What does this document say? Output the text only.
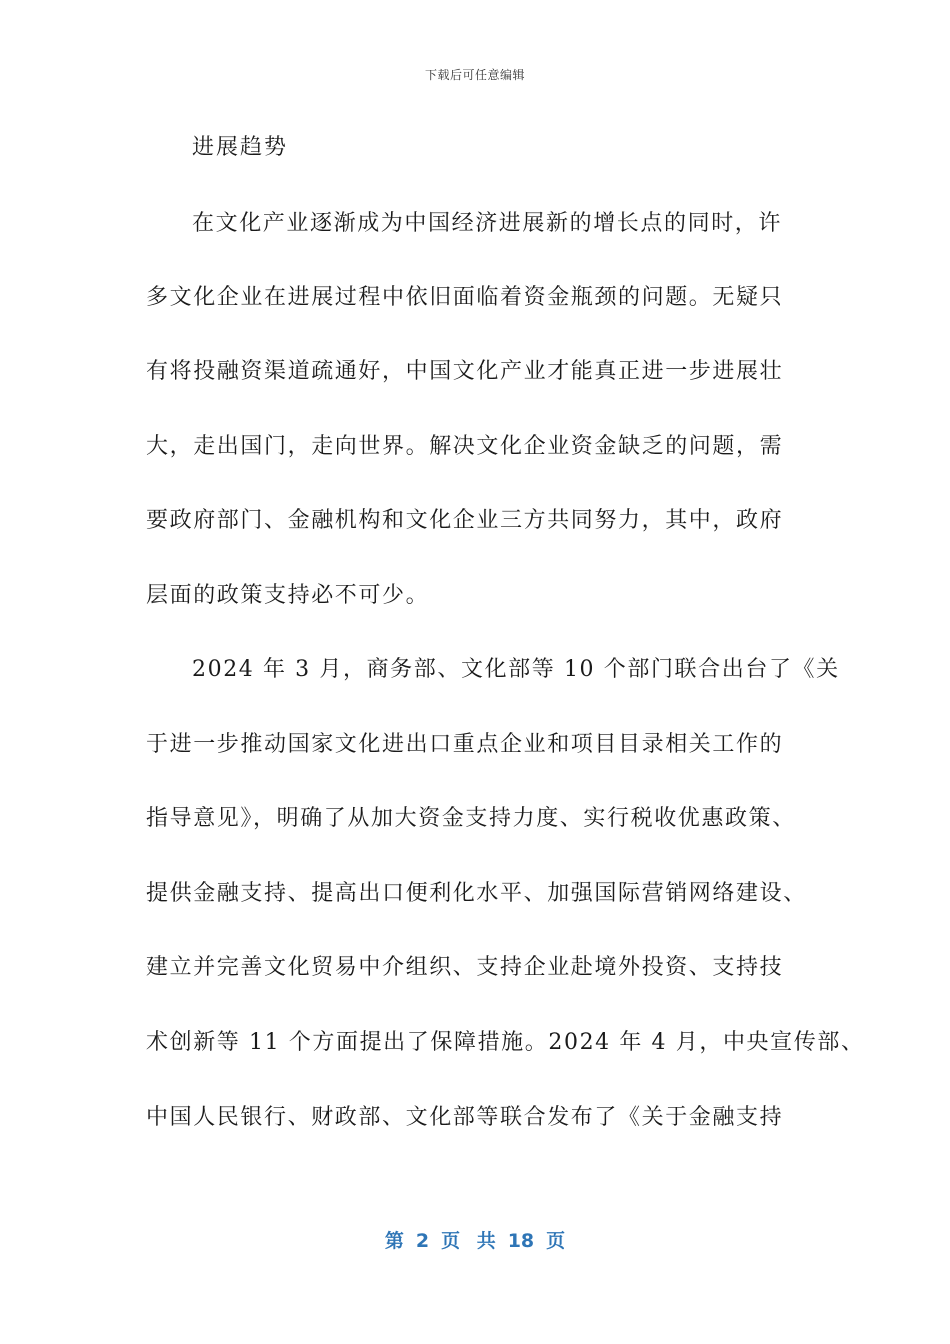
下载后可任意编辑
进展趋势
在文化产业逐渐成为中国经济进展新的增长点的同时，许
多文化企业在进展过程中依旧面临着资金瓶颈的问题。无疑只
有将投融资渠道疏通好，中国文化产业才能真正进一步进展壮
大，走出国门，走向世界。解决文化企业资金缺乏的问题，需
要政府部门、金融机构和文化企业三方共同努力，其中，政府
层面的政策支持必不可少。
2024 年 3 月，商务部、文化部等 10 个部门联合出台了《关
于进一步推动国家文化进出口重点企业和项目目录相关工作的
指导意见》，明确了从加大资金支持力度、实行税收优惠政策、
提供金融支持、提高出口便利化水平、加强国际营销网络建设、
建立并完善文化贸易中介组织、支持企业赴境外投资、支持技
术创新等 11 个方面提出了保障措施。2024 年 4 月，中央宣传部、
中国人民银行、财政部、文化部等联合发布了《关于金融支持
第 2 页 共 18 页
